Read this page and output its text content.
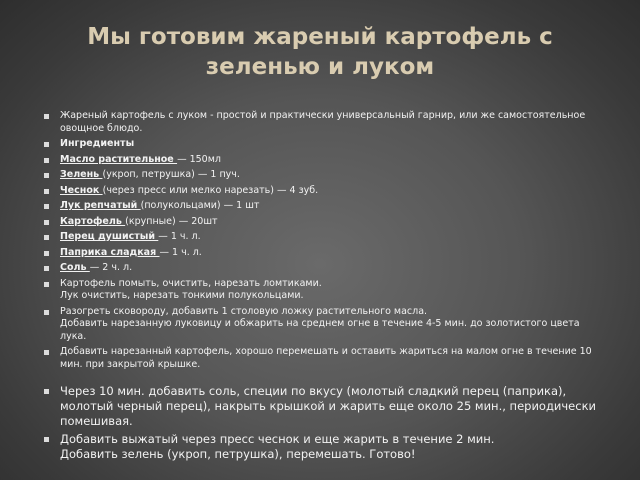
Мы готовим жареный картофель с зеленью и луком
Жареный картофель с луком - простой и практически универсальный гарнир, или же самостоятельное овощное блюдо.
Ингредиенты
Масло растительное — 150мл
Зелень (укроп, петрушка) — 1 пуч.
Чеснок (через пресс или мелко нарезать) — 4 зуб.
Лук репчатый (полукольцами) — 1 шт
Картофель (крупные) — 20шт
Перец душистый — 1 ч. л.
Паприка сладкая — 1 ч. л.
Соль — 2 ч. л.
Картофель помыть, очистить, нарезать ломтиками.
Лук очистить, нарезать тонкими полукольцами.
Разогреть сковороду, добавить 1 столовую ложку растительного масла.
Добавить нарезанную луковицу и обжарить на среднем огне в течение 4-5 мин. до золотистого цвета лука.
Добавить нарезанный картофель, хорошо перемешать и оставить жариться на малом огне в течение 10 мин. при закрытой крышке.
Через 10 мин. добавить соль, специи по вкусу (молотый сладкий перец (паприка), молотый черный перец), накрыть крышкой и жарить еще около 25 мин., периодически помешивая.
Добавить выжатый через пресс чеснок и еще жарить в течение 2 мин.
Добавить зелень (укроп, петрушка), перемешать. Готово!
